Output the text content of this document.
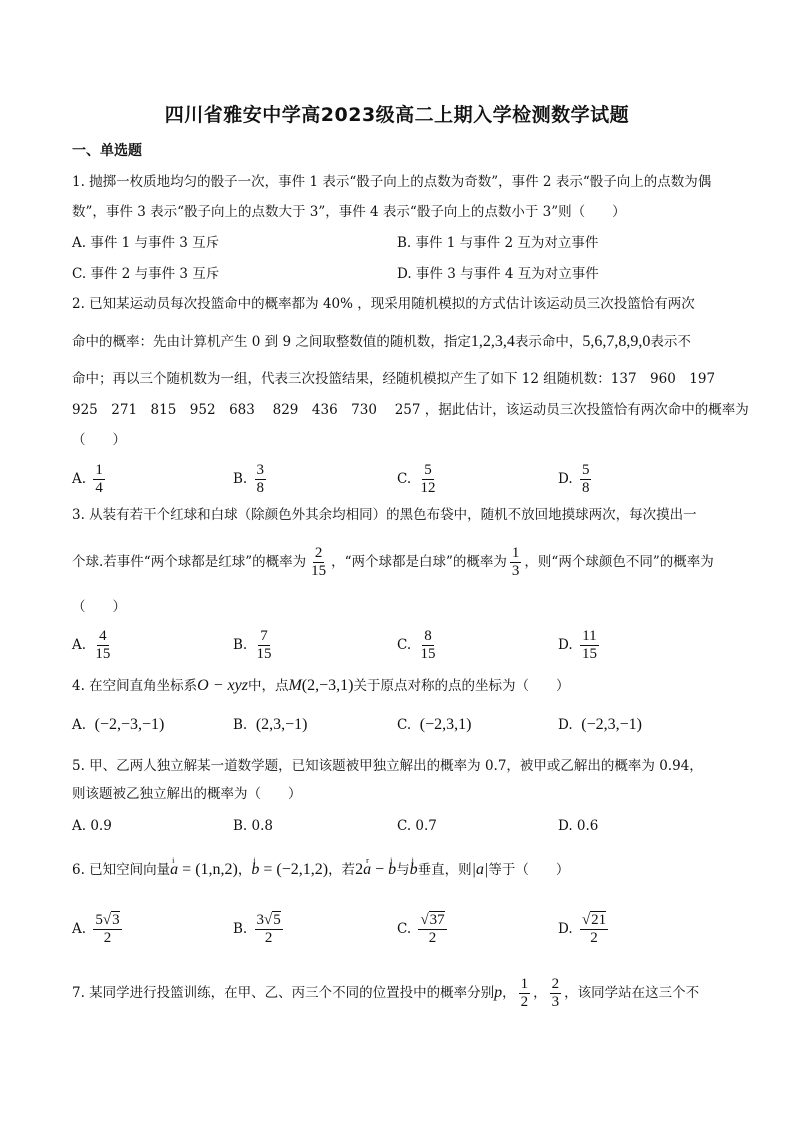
四川省雅安中学高2023级高二上期入学检测数学试题
一、单选题
1. 抛掷一枚质地均匀的骰子一次，事件 1 表示“骰子向上的点数为奇数”，事件 2 表示“骰子向上的点数为偶
数”，事件 3 表示“骰子向上的点数大于 3”，事件 4 表示“骰子向上的点数小于 3”则（　　）
A. 事件 1 与事件 3 互斥	B. 事件 1 与事件 2 互为对立事件
C. 事件 2 与事件 3 互斥	D. 事件 3 与事件 4 互为对立事件
2. 已知某运动员每次投篮命中的概率都为 40% ，现采用随机模拟的方式估计该运动员三次投篮恰有两次
命中的概率：先由计算机产生 0 到 9 之间取整数值的随机数，指定1,2,3,4表示命中，5,6,7,8,9,0表示不
命中；再以三个随机数为一组，代表三次投篮结果，经随机模拟产生了如下 12 组随机数：137　960　197
925　271　815　952　683　 829　436　730　 257 ，据此估计，该运动员三次投篮恰有两次命中的概率为
（　　）
A. $\frac{1}{4}$	B. $\frac{3}{8}$	C. $\frac{5}{12}$	D. $\frac{5}{8}$
3. 从装有若干个红球和白球（除颜色外其余均相同）的黑色布袋中，随机不放回地摸球两次，每次摸出一
个球.若事件“两个球都是红球”的概率为 $\frac{2}{15}$ ，“两个球都是白球”的概率为 $\frac{1}{3}$ ，则“两个球颜色不同”的概率为
（　　）
A. $\frac{4}{15}$	B. $\frac{7}{15}$	C. $\frac{8}{15}$	D. $\frac{11}{15}$
4. 在空间直角坐标系O − xyz中，点M(2,−3,1)关于原点对称的点的坐标为（　　）
A. (−2,−3,−1)	B. (2,3,−1)	C. (−2,3,1)	D. (−2,3,−1)
5. 甲、乙两人独立解某一道数学题，已知该题被甲独立解出的概率为 0.7，被甲或乙解出的概率为 0.94，
则该题被乙独立解出的概率为（　　）
A. 0.9	B. 0.8	C. 0.7	D. 0.6
6. 已知空间向量i a = (1,n,2)，i b = (−2,1,2)，若2r a − i b与i b垂直，则|a|等于（　　）
A. $\frac{5√3}{2}$	B. $\frac{3√5}{2}$	C. $\frac{√37}{2}$	D. $\frac{√21}{2}$
7. 某同学进行投篮训练，在甲、乙、丙三个不同的位置投中的概率分别p， $\frac{1}{2}$ ， $\frac{2}{3}$ ，该同学站在这三个不
